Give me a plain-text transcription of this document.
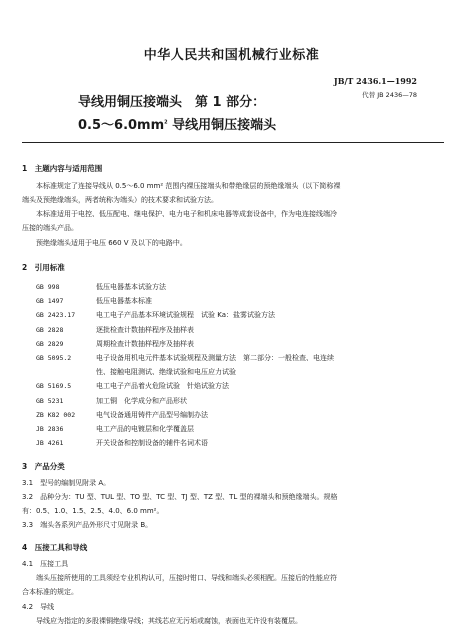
中华人民共和国机械行业标准
JB/T 2436.1—1992
代替 JB 2436—78
导线用铜压接端头　第 1 部分：
$0.5\sim 6.0mm^2$ 导线用铜压接端头
1　主题内容与适用范围
本标准规定了连接导线从 0.5～6.0 mm² 范围内裸压接端头和带绝缘层的预绝缘端头（以下简称裸
端头及预绝缘端头，两者统称为端头）的技术要求和试验方法。
本标准适用于电控、低压配电、继电保护、电力电子和机床电器等成套设备中，作为电连接线端冷
压接的端头产品。
预绝缘端头适用于电压 660 V 及以下的电路中。
2　引用标准
GB 998	低压电器基本试验方法
GB 1497	低压电器基本标准
GB 2423.17	电工电子产品基本环境试验规程　试验 Ka：盐雾试验方法
GB 2828	逐批检查计数抽样程序及抽样表
GB 2829	周期检查计数抽样程序及抽样表
GB 5095.2	电子设备用机电元件基本试验规程及测量方法　第二部分：一般检查、电连续
性、接触电阻测试、绝缘试验和电压应力试验
GB 5169.5	电工电子产品着火危险试验　针焰试验方法
GB 5231	加工铜　化学成分和产品形状
ZB K82 002	电气设备通用铸件产品型号编制办法
JB 2836	电工产品的电镀层和化学覆盖层
JB 4261	开关设备和控制设备的辅件名词术语
3　产品分类
3.1　型号的编制见附录 A。
3.2　品种分为：TU 型、TUL 型、TO 型、TC 型、TJ 型、TZ 型、TL 型的裸端头和预绝缘端头。规格
有：0.5、1.0、1.5、2.5、4.0、6.0 mm²。
3.3　端头各系列产品外形尺寸见附录 B。
4　压接工具和导线
4.1　压接工具
端头压接所使用的工具须经专业机构认可，压接时钳口、导线和端头必须相配。压接后的性能应符
合本标准的规定。
4.2　导线
导线应为指定的多股裸铜绝缘导线；其线芯应无污垢或腐蚀，表面也无许没有装覆层。
